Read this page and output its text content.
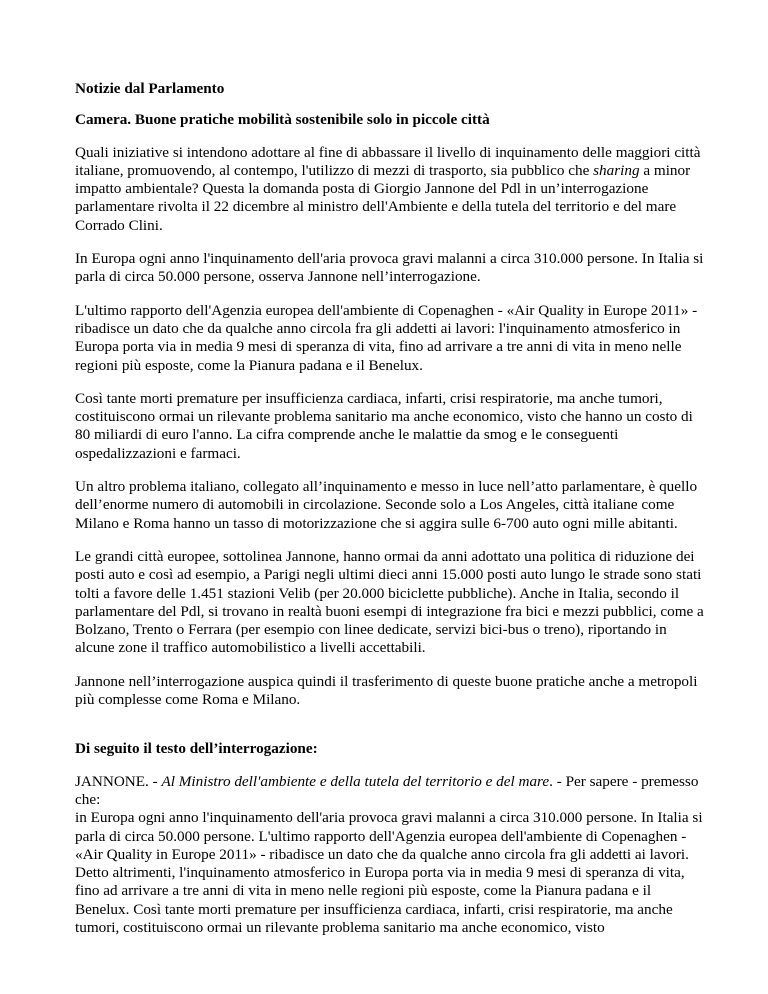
Notizie dal Parlamento

Camera. Buone pratiche mobilità sostenibile solo in piccole città

Quali iniziative si intendono adottare al fine di abbassare il livello di inquinamento delle maggiori città italiane, promuovendo, al contempo, l'utilizzo di mezzi di trasporto, sia pubblico che sharing a minor impatto ambientale? Questa la domanda posta di Giorgio Jannone del Pdl in un’interrogazione parlamentare rivolta il 22 dicembre al ministro dell'Ambiente e della tutela del territorio e del mare Corrado Clini.

In Europa ogni anno l'inquinamento dell'aria provoca gravi malanni a circa 310.000 persone. In Italia si parla di circa 50.000 persone, osserva Jannone nell’interrogazione.

L'ultimo rapporto dell'Agenzia europea dell'ambiente di Copenaghen - «Air Quality in Europe 2011» - ribadisce un dato che da qualche anno circola fra gli addetti ai lavori: l'inquinamento atmosferico in Europa porta via in media 9 mesi di speranza di vita, fino ad arrivare a tre anni di vita in meno nelle regioni più esposte, come la Pianura padana e il Benelux.

Così tante morti premature per insufficienza cardiaca, infarti, crisi respiratorie, ma anche tumori, costituiscono ormai un rilevante problema sanitario ma anche economico, visto che hanno un costo di 80 miliardi di euro l'anno. La cifra comprende anche le malattie da smog e le conseguenti ospedalizzazioni e farmaci.

Un altro problema italiano, collegato all’inquinamento e messo in luce nell’atto parlamentare, è quello dell’enorme numero di automobili in circolazione. Seconde solo a Los Angeles, città italiane come Milano e Roma hanno un tasso di motorizzazione che si aggira sulle 6-700 auto ogni mille abitanti.

Le grandi città europee, sottolinea Jannone, hanno ormai da anni adottato una politica di riduzione dei posti auto e così ad esempio, a Parigi negli ultimi dieci anni 15.000 posti auto lungo le strade sono stati tolti a favore delle 1.451 stazioni Velib (per 20.000 biciclette pubbliche). Anche in Italia, secondo il parlamentare del Pdl, si trovano in realtà buoni esempi di integrazione fra bici e mezzi pubblici, come a Bolzano, Trento o Ferrara (per esempio con linee dedicate, servizi bici-bus o treno), riportando in alcune zone il traffico automobilistico a livelli accettabili.

Jannone nell’interrogazione auspica quindi il trasferimento di queste buone pratiche anche a metropoli più complesse come Roma e Milano.

Di seguito il testo dell’interrogazione:

JANNONE. - Al Ministro dell'ambiente e della tutela del territorio e del mare. - Per sapere - premesso che:
in Europa ogni anno l'inquinamento dell'aria provoca gravi malanni a circa 310.000 persone. In Italia si parla di circa 50.000 persone. L'ultimo rapporto dell'Agenzia europea dell'ambiente di Copenaghen - «Air Quality in Europe 2011» - ribadisce un dato che da qualche anno circola fra gli addetti ai lavori. Detto altrimenti, l'inquinamento atmosferico in Europa porta via in media 9 mesi di speranza di vita, fino ad arrivare a tre anni di vita in meno nelle regioni più esposte, come la Pianura padana e il Benelux. Così tante morti premature per insufficienza cardiaca, infarti, crisi respiratorie, ma anche tumori, costituiscono ormai un rilevante problema sanitario ma anche economico, visto
